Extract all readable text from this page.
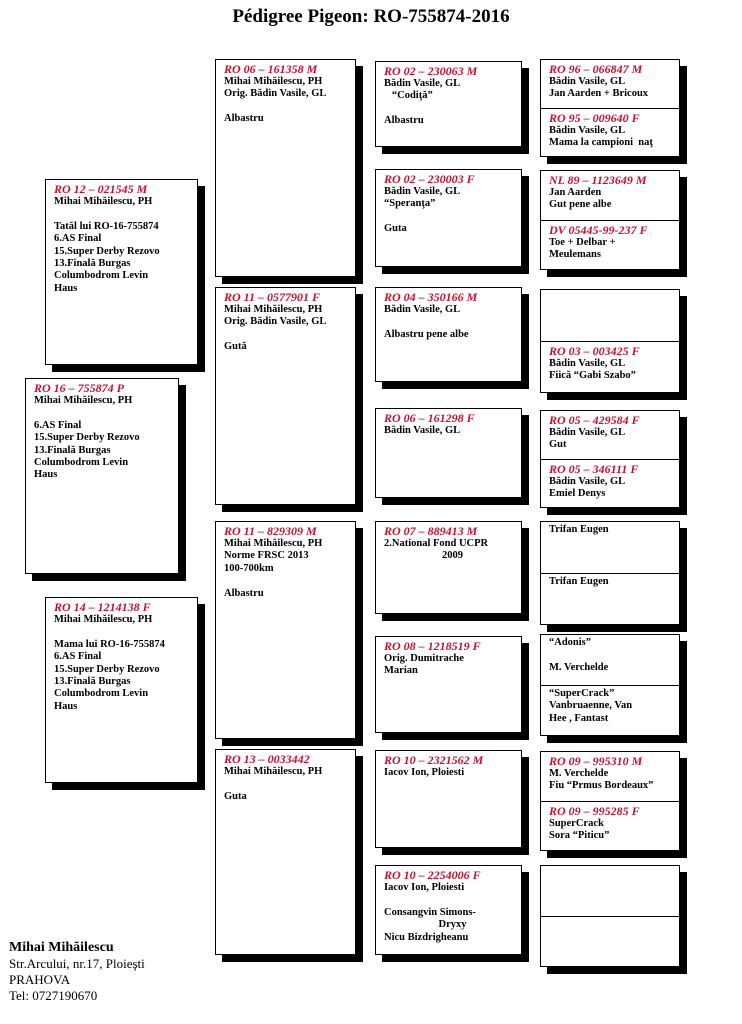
Pédigree Pigeon: RO-755874-2016
RO 16 – 755874 P
Mihai Mihăilescu, PH
6.AS Final
15.Super Derby Rezovo
13.Finală Burgas
Columbodrom Levin
Haus
RO 12 – 021545 M
Mihai Mihăilescu, PH
Tatăl lui RO-16-755874
6.AS Final
15.Super Derby Rezovo
13.Finală Burgas
Columbodrom Levin
Haus
RO 14 – 1214138 F
Mihai Mihăilescu, PH
Mama lui RO-16-755874
6.AS Final
15.Super Derby Rezovo
13.Finală Burgas
Columbodrom Levin
Haus
RO 06 – 161358 M
Mihai Mihăilescu, PH
Orig. Bădin Vasile, GL
Albastru
RO 11 – 0577901 F
Mihai Mihăilescu, PH
Orig. Bădin Vasile, GL
Gutǎ
RO 11 – 829309 M
Mihai Mihăilescu, PH
Norme FRSC 2013
100-700km
Albastru
RO 13 – 0033442
Mihai Mihăilescu, PH
Guta
RO 02 – 230063 M
Bădin Vasile, GL
“Codiţă”
Albastru
RO 02 – 230003 F
Bădin Vasile, GL
“Speranţa”
Guta
RO 04 – 350166 M
Bădin Vasile, GL
Albastru pene albe
RO 06 – 161298 F
Bădin Vasile, GL
RO 07 – 889413 M
2.National Fond UCPR
2009
RO 08 – 1218519 F
Orig. Dumitrache
Marian
RO 10 – 2321562 M
Iacov Ion, Ploiesti
RO 10 – 2254006 F
Iacov Ion, Ploiesti
Consangvin Simons-
Dryxy
Nicu Bizdrigheanu
RO 96 – 066847 M
Bădin Vasile, GL
Jan Aarden + Bricoux
RO 95 – 009640 F
Bădin Vasile, GL
Mama la campioni  naţ
NL 89 – 1123649 M
Jan Aarden
Gut pene albe
DV 05445-99-237 F
Toe + Delbar +
Meulemans
RO 03 – 003425 F
Bădin Vasile, GL
Fiică “Gabi Szabo”
RO 05 – 429584 F
Bădin Vasile, GL
Gut
RO 05 – 346111 F
Bădin Vasile, GL
Emiel Denys
Trifan Eugen
Trifan Eugen
“Adonis”
M. Verchelde
“SuperCrack”
Vanbruaenne, Van
Hee , Fantast
RO 09 – 995310 M
M. Verchelde
Fiu “Prmus Bordeaux”
RO 09 – 995285 F
SuperCrack
Sora “Piticu”
Mihai Mihăilescu
Str.Arcului, nr.17, Ploieşti
PRAHOVA
Tel: 0727190670
